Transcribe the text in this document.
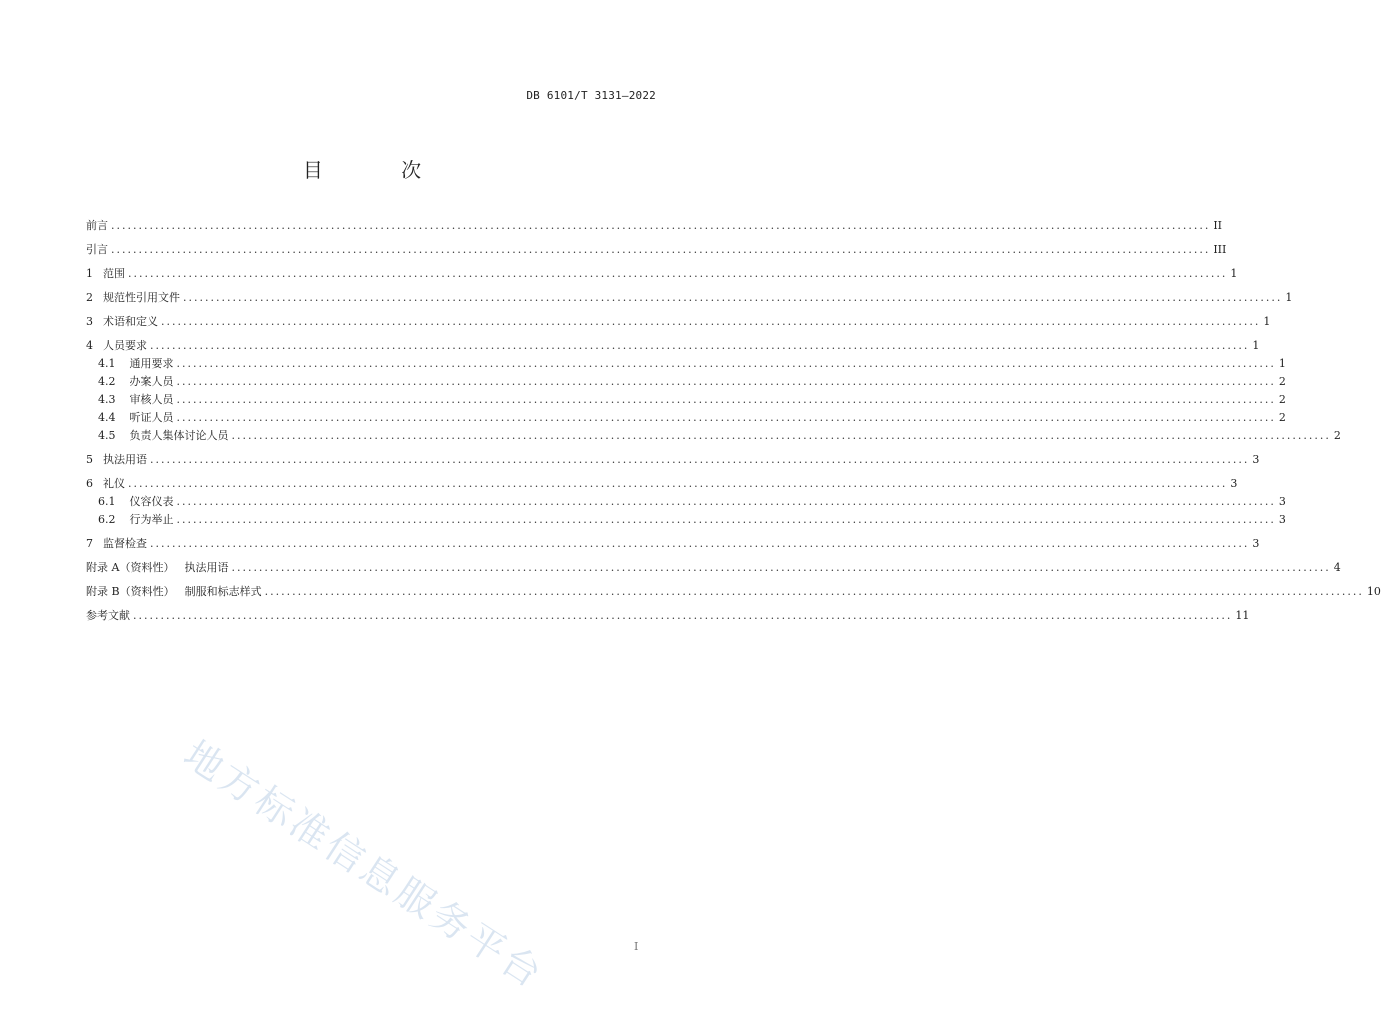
DB 6101/T 3131—2022
目 次
前言 ........................................................................................................................................................................................................ II
引言 ........................................................................................................................................................................................................ III
1 范围 ........................................................................................................................................................................................................ 1
2 规范性引用文件 ........................................................................................................................................................................................................ 1
3 术语和定义 ........................................................................................................................................................................................................ 1
4 人员要求 ........................................................................................................................................................................................................ 1
4.1 通用要求 ........................................................................................................................................................................................................ 1
4.2 办案人员 ........................................................................................................................................................................................................ 2
4.3 审核人员 ........................................................................................................................................................................................................ 2
4.4 听证人员 ........................................................................................................................................................................................................ 2
4.5 负责人集体讨论人员 ........................................................................................................................................................................................................ 2
5 执法用语 ........................................................................................................................................................................................................ 3
6 礼仪 ........................................................................................................................................................................................................ 3
6.1 仪容仪表 ........................................................................................................................................................................................................ 3
6.2 行为举止 ........................................................................................................................................................................................................ 3
7 监督检查 ........................................................................................................................................................................................................ 3
附录 A（资料性） 执法用语 ........................................................................................................................................................................................................ 4
附录 B（资料性） 制服和标志样式 ........................................................................................................................................................................................................ 10
参考文献 ........................................................................................................................................................................................................ 11
地方标准信息服务平台	I
